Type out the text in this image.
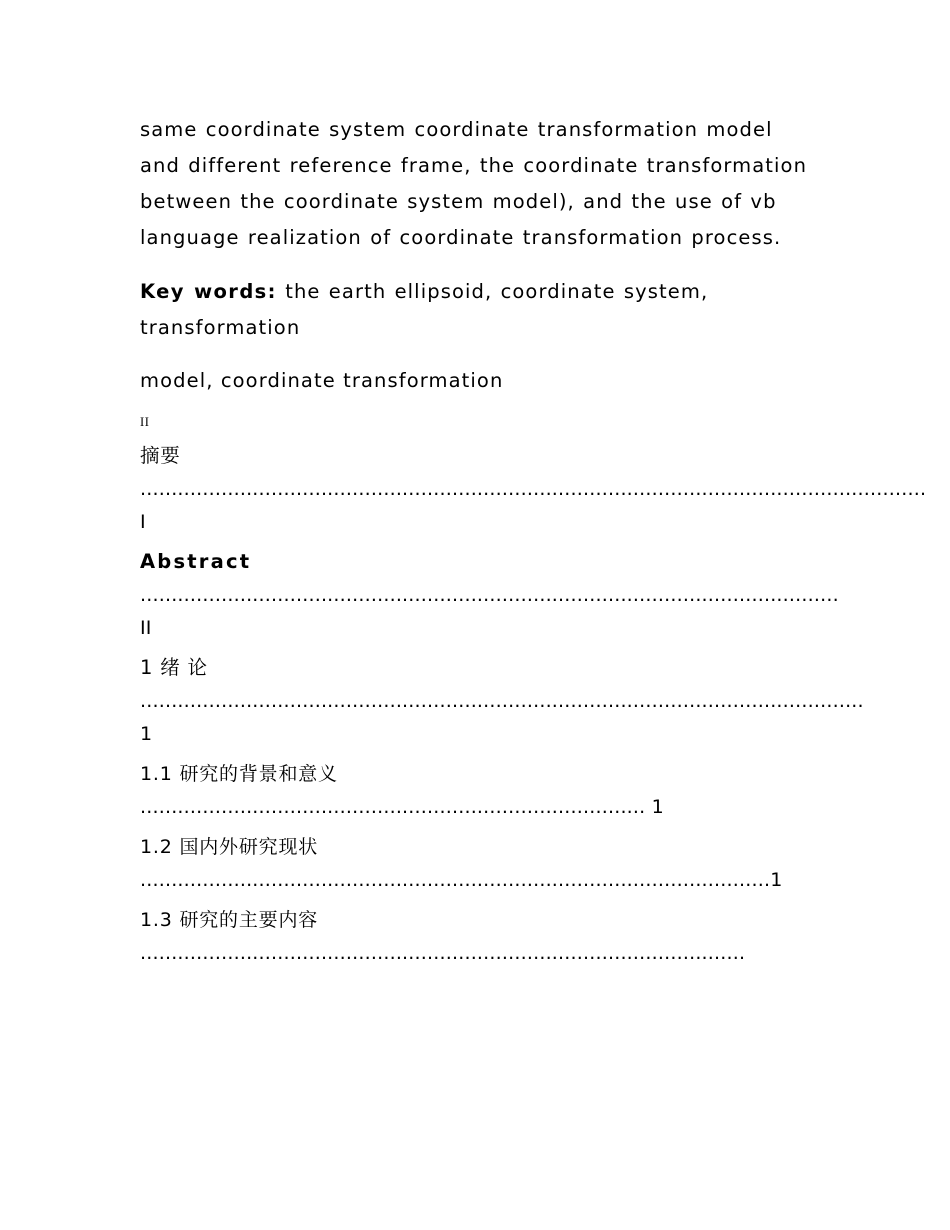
same coordinate system coordinate transformation model and different reference frame, the coordinate transformation between the coordinate system model), and the use of vb language realization of coordinate transformation process.
Key words: the earth ellipsoid, coordinate system, transformation
model, coordinate transformation
II
摘要
..............................................................................................................................I
Abstract
................................................................................................................ II
1 绪 论
.................................................................................................................... 1
1.1 研究的背景和意义
................................................................................. 1
1.2 国内外研究现状
.....................................................................................................1
1.3 研究的主要内容
.................................................................................................
